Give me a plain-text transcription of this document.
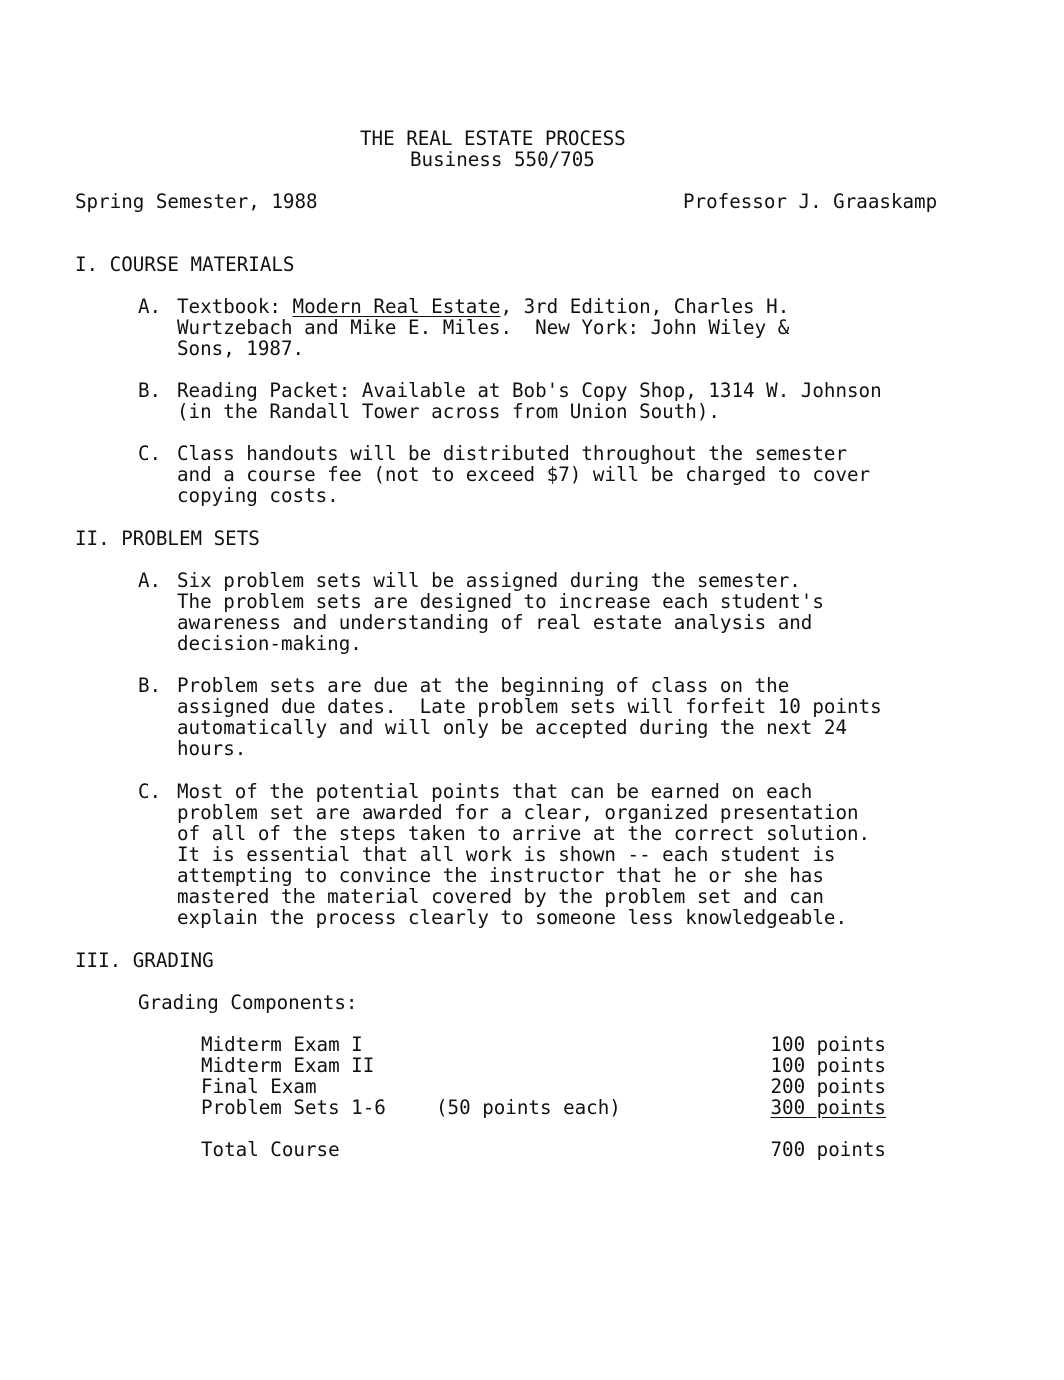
THE REAL ESTATE PROCESS

Business 550/705

Spring Semester, 1988	Professor J. Graaskamp

I. COURSE MATERIALS

A. Textbook: Modern Real Estate, 3rd Edition, Charles H.

Wurtzebach and Mike E. Miles.  New York: John Wiley &

Sons, 1987.

B. Reading Packet: Available at Bob's Copy Shop, 1314 W. Johnson

(in the Randall Tower across from Union South).

C. Class handouts will be distributed throughout the semester

and a course fee (not to exceed $7) will be charged to cover

copying costs.

II. PROBLEM SETS

A. Six problem sets will be assigned during the semester.

The problem sets are designed to increase each student's

awareness and understanding of real estate analysis and

decision-making.

B. Problem sets are due at the beginning of class on the

assigned due dates.  Late problem sets will forfeit 10 points

automatically and will only be accepted during the next 24

hours.

C. Most of the potential points that can be earned on each

problem set are awarded for a clear, organized presentation

of all of the steps taken to arrive at the correct solution.

It is essential that all work is shown -- each student is

attempting to convince the instructor that he or she has

mastered the material covered by the problem set and can

explain the process clearly to someone less knowledgeable.

III. GRADING

Grading Components:

Midterm Exam I	100 points

Midterm Exam II	100 points

Final Exam	200 points

Problem Sets 1-6	(50 points each)	300 points

Total Course	700 points
